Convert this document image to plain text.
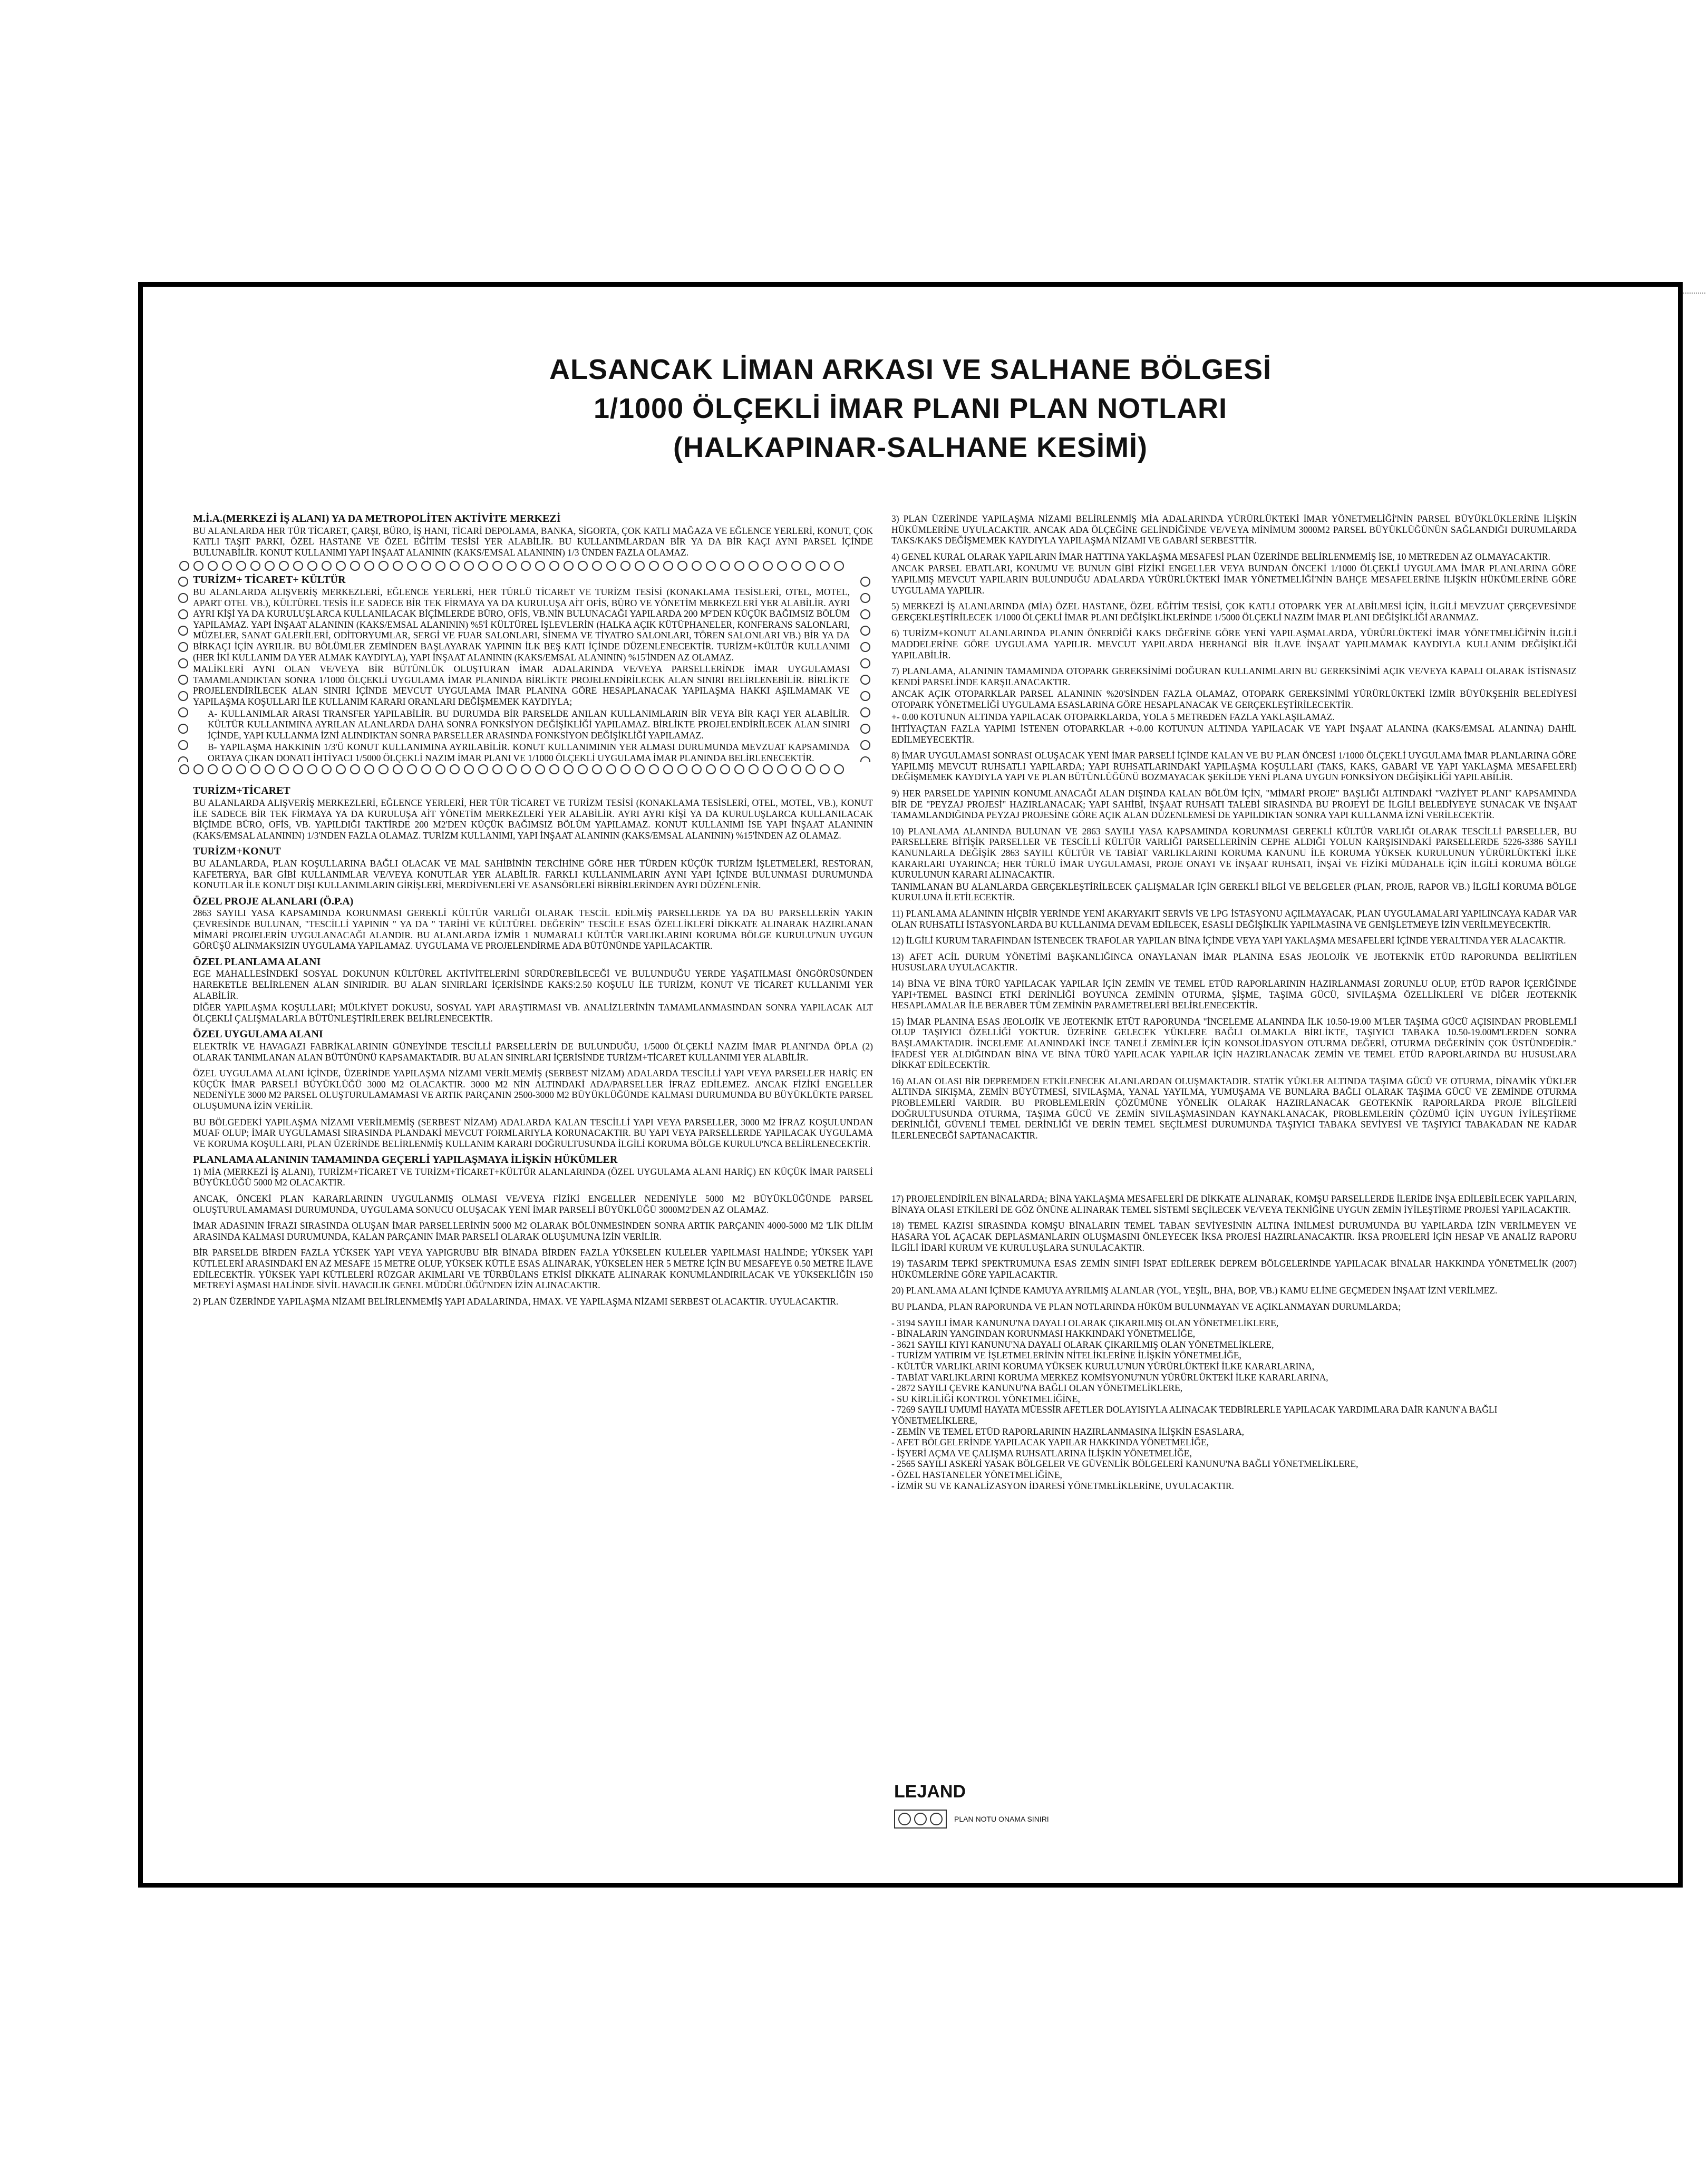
ALSANCAK LİMAN ARKASI VE SALHANE BÖLGESİ
1/1000 ÖLÇEKLİ İMAR PLANI PLAN NOTLARI
(HALKAPINAR-SALHANE KESİMİ)
M.İ.A.(MERKEZİ İŞ ALANI) YA DA METROPOLİTEN AKTİVİTE MERKEZİ
BU ALANLARDA HER TÜR TİCARET, ÇARŞI, BÜRO, İŞ HANI, TİCARİ DEPOLAMA, BANKA, SİGORTA, ÇOK KATLI MAĞAZA VE EĞLENCE YERLERİ, KONUT, ÇOK KATLI TAŞIT PARKI, ÖZEL HASTANE VE ÖZEL EĞİTİM TESİSİ YER ALABİLİR. BU KULLANIMLARDAN BİR YA DA BİR KAÇI AYNI PARSEL İÇİNDE BULUNABİLİR. KONUT KULLANIMI YAPI İNŞAAT ALANININ (KAKS/EMSAL ALANININ) 1/3 ÜNDEN FAZLA OLAMAZ.
TURİZM+ TİCARET+ KÜLTÜR
BU ALANLARDA ALIŞVERİŞ MERKEZLERİ, EĞLENCE YERLERİ, HER TÜRLÜ TİCARET VE TURİZM TESİSİ (KONAKLAMA TESİSLERİ, OTEL, MOTEL, APART OTEL VB.), KÜLTÜREL TESİS İLE SADECE BİR TEK FİRMAYA YA DA KURULUŞA AİT OFİS, BÜRO VE YÖNETİM MERKEZLERİ YER ALABİLİR. AYRI AYRI KİŞİ YA DA KURULUŞLARCA KULLANILACAK BİÇİMLERDE BÜRO, OFİS, VB.NİN BULUNACAĞI YAPILARDA 200 M²'DEN KÜÇÜK BAĞIMSIZ BÖLÜM YAPILAMAZ. YAPI İNŞAAT ALANININ (KAKS/EMSAL ALANININ) %5'İ KÜLTÜREL İŞLEVLERİN (HALKA AÇIK KÜTÜPHANELER, KONFERANS SALONLARI, MÜZELER, SANAT GALERİLERİ, ODİTORYUMLAR, SERGİ VE FUAR SALONLARI, SİNEMA VE TİYATRO SALONLARI, TÖREN SALONLARI VB.) BİR YA DA BİRKAÇI İÇİN AYRILIR. BU BÖLÜMLER ZEMİNDEN BAŞLAYARAK YAPININ İLK BEŞ KATI İÇİNDE DÜZENLENECEKTİR. TURİZM+KÜLTÜR KULLANIMI (HER İKİ KULLANIM DA YER ALMAK KAYDIYLA), YAPI İNŞAAT ALANININ (KAKS/EMSAL ALANININ) %15'İNDEN AZ OLAMAZ.
MALİKLERİ AYNI OLAN VE/VEYA BİR BÜTÜNLÜK OLUŞTURAN İMAR ADALARINDA VE/VEYA PARSELLERİNDE İMAR UYGULAMASI TAMAMLANDIKTAN SONRA 1/1000 ÖLÇEKLİ UYGULAMA İMAR PLANINDA BİRLİKTE PROJELENDİRİLECEK ALAN SINIRI BELİRLENEBİLİR. BİRLİKTE PROJELENDİRİLECEK ALAN SINIRI İÇİNDE MEVCUT UYGULAMA İMAR PLANINA GÖRE HESAPLANACAK YAPILAŞMA HAKKI AŞILMAMAK VE YAPILAŞMA KOŞULLARI İLE KULLANIM KARARI ORANLARI DEĞİŞMEMEK KAYDIYLA;
A- KULLANIMLAR ARASI TRANSFER YAPILABİLİR. BU DURUMDA BİR PARSELDE ANILAN KULLANIMLARIN BİR VEYA BİR KAÇI YER ALABİLİR. KÜLTÜR KULLANIMINA AYRILAN ALANLARDA DAHA SONRA FONKSİYON DEĞİŞİKLİĞİ YAPILAMAZ. BİRLİKTE PROJELENDİRİLECEK ALAN SINIRI İÇİNDE, YAPI KULLANMA İZNİ ALINDIKTAN SONRA PARSELLER ARASINDA FONKSİYON DEĞİŞİKLİĞİ YAPILAMAZ.
B- YAPILAŞMA HAKKININ 1/3'Ü KONUT KULLANIMINA AYRILABİLİR. KONUT KULLANIMININ YER ALMASI DURUMUNDA MEVZUAT KAPSAMINDA ORTAYA ÇIKAN DONATI İHTİYACI 1/5000 ÖLÇEKLİ NAZIM İMAR PLANI VE 1/1000 ÖLÇEKLİ UYGULAMA İMAR PLANINDA BELİRLENECEKTİR.
TURİZM+TİCARET
BU ALANLARDA ALIŞVERİŞ MERKEZLERİ, EĞLENCE YERLERİ, HER TÜR TİCARET VE TURİZM TESİSİ (KONAKLAMA TESİSLERİ, OTEL, MOTEL, VB.), KONUT İLE SADECE BİR TEK FİRMAYA YA DA KURULUŞA AİT YÖNETİM MERKEZLERİ YER ALABİLİR. AYRI AYRI KİŞİ YA DA KURULUŞLARCA KULLANILACAK BİÇİMDE BÜRO, OFİS, VB. YAPILDIĞI TAKTİRDE 200 M2'DEN KÜÇÜK BAĞIMSIZ BÖLÜM YAPILAMAZ. KONUT KULLANIMI İSE YAPI İNŞAAT ALANININ (KAKS/EMSAL ALANININ) 1/3'NDEN FAZLA OLAMAZ. TURİZM KULLANIMI, YAPI İNŞAAT ALANININ (KAKS/EMSAL ALANININ) %15'İNDEN AZ OLAMAZ.
TURİZM+KONUT
BU ALANLARDA, PLAN KOŞULLARINA BAĞLI OLACAK VE MAL SAHİBİNİN TERCİHİNE GÖRE HER TÜRDEN KÜÇÜK TURİZM İŞLETMELERİ, RESTORAN, KAFETERYA, BAR GİBİ KULLANIMLAR VE/VEYA KONUTLAR YER ALABİLİR. FARKLI KULLANIMLARIN AYNI YAPI İÇİNDE BULUNMASI DURUMUNDA KONUTLAR İLE KONUT DIŞI KULLANIMLARIN GİRİŞLERİ, MERDİVENLERİ VE ASANSÖRLERİ BİRBİRLERİNDEN AYRI DÜZENLENİR.
ÖZEL PROJE ALANLARI (Ö.P.A)
2863 SAYILI YASA KAPSAMINDA KORUNMASI GEREKLİ KÜLTÜR VARLIĞI OLARAK TESCİL EDİLMİŞ PARSELLERDE YA DA BU PARSELLERİN YAKIN ÇEVRESİNDE BULUNAN, "TESCİLLİ YAPININ " YA DA " TARİHİ VE KÜLTÜREL DEĞERİN" TESCİLE ESAS ÖZELLİKLERİ DİKKATE ALINARAK HAZIRLANAN MİMARİ PROJELERİN UYGULANACAĞI ALANDIR. BU ALANLARDA İZMİR 1 NUMARALI KÜLTÜR VARLIKLARINI KORUMA BÖLGE KURULU'NUN UYGUN GÖRÜŞÜ ALINMAKSIZIN UYGULAMA YAPILAMAZ. UYGULAMA VE PROJELENDİRME ADA BÜTÜNÜNDE YAPILACAKTIR.
ÖZEL PLANLAMA ALANI
EGE MAHALLESİNDEKİ SOSYAL DOKUNUN KÜLTÜREL AKTİVİTELERİNİ SÜRDÜREBİLECEĞİ VE BULUNDUĞU YERDE YAŞATILMASI ÖNGÖRÜSÜNDEN HAREKETLE BELİRLENEN ALAN SINIRIDIR. BU ALAN SINIRLARI İÇERİSİNDE KAKS:2.50 KOŞULU İLE TURİZM, KONUT VE TİCARET KULLANIMI YER ALABİLİR.
DİĞER YAPILAŞMA KOŞULLARI; MÜLKİYET DOKUSU, SOSYAL YAPI ARAŞTIRMASI VB. ANALİZLERİNİN TAMAMLANMASINDAN SONRA YAPILACAK ALT ÖLÇEKLİ ÇALIŞMALARLA BÜTÜNLEŞTİRİLEREK BELİRLENECEKTİR.
ÖZEL UYGULAMA ALANI
ELEKTRİK VE HAVAGAZI FABRİKALARININ GÜNEYİNDE TESCİLLİ PARSELLERİN DE BULUNDUĞU, 1/5000 ÖLÇEKLİ NAZIM İMAR PLANI'NDA ÖPLA (2) OLARAK TANIMLANAN ALAN BÜTÜNÜNÜ KAPSAMAKTADIR. BU ALAN SINIRLARI İÇERİSİNDE TURİZM+TİCARET KULLANIMI YER ALABİLİR.
ÖZEL UYGULAMA ALANI İÇİNDE, ÜZERİNDE YAPILAŞMA NİZAMI VERİLMEMİŞ (SERBEST NİZAM) ADALARDA TESCİLLİ YAPI VEYA PARSELLER HARİÇ EN KÜÇÜK İMAR PARSELİ BÜYÜKLÜĞÜ 3000 M2 OLACAKTIR. 3000 M2 NİN ALTINDAKİ ADA/PARSELLER İFRAZ EDİLEMEZ. ANCAK FİZİKİ ENGELLER NEDENİYLE 3000 M2 PARSEL OLUŞTURULAMAMASI VE ARTIK PARÇANIN 2500-3000 M2 BÜYÜKLÜĞÜNDE KALMASI DURUMUNDA BU BÜYÜKLÜKTE PARSEL OLUŞUMUNA İZİN VERİLİR.
BU BÖLGEDEKİ YAPILAŞMA NİZAMI VERİLMEMİŞ (SERBEST NİZAM) ADALARDA KALAN TESCİLLİ YAPI VEYA PARSELLER, 3000 M2 İFRAZ KOŞULUNDAN MUAF OLUP; İMAR UYGULAMASI SIRASINDA PLANDAKİ MEVCUT FORMLARIYLA KORUNACAKTIR. BU YAPI VEYA PARSELLERDE YAPILACAK UYGULAMA VE KORUMA KOŞULLARI, PLAN ÜZERİNDE BELİRLENMİŞ KULLANIM KARARI DOĞRULTUSUNDA İLGİLİ KORUMA BÖLGE KURULU'NCA BELİRLENECEKTİR.
PLANLAMA ALANININ TAMAMINDA GEÇERLİ YAPILAŞMAYA İLİŞKİN HÜKÜMLER
1) MİA (MERKEZİ İŞ ALANI), TURİZM+TİCARET VE TURİZM+TİCARET+KÜLTÜR ALANLARINDA (ÖZEL UYGULAMA ALANI HARİÇ) EN KÜÇÜK İMAR PARSELİ BÜYÜKLÜĞÜ 5000 M2 OLACAKTIR.
ANCAK, ÖNCEKİ PLAN KARARLARININ UYGULANMIŞ OLMASI VE/VEYA FİZİKİ ENGELLER NEDENİYLE 5000 M2 BÜYÜKLÜĞÜNDE PARSEL OLUŞTURULAMAMASI DURUMUNDA, UYGULAMA SONUCU OLUŞACAK YENİ İMAR PARSELİ BÜYÜKLÜĞÜ 3000M2'DEN AZ OLAMAZ.
İMAR ADASININ İFRAZI SIRASINDA OLUŞAN İMAR PARSELLERİNİN 5000 M2 OLARAK BÖLÜNMESİNDEN SONRA ARTIK PARÇANIN 4000-5000 M2 'LİK DİLİM ARASINDA KALMASI DURUMUNDA, KALAN PARÇANIN İMAR PARSELİ OLARAK OLUŞUMUNA İZİN VERİLİR.
BİR PARSELDE BİRDEN FAZLA YÜKSEK YAPI VEYA YAPIGRUBU BİR BİNADA BİRDEN FAZLA YÜKSELEN KULELER YAPILMASI HALİNDE; YÜKSEK YAPI KÜTLELERİ ARASINDAKİ EN AZ MESAFE 15 METRE OLUP, YÜKSEK KÜTLE ESAS ALINARAK, YÜKSELEN HER 5 METRE İÇİN BU MESAFEYE 0.50 METRE İLAVE EDİLECEKTİR. YÜKSEK YAPI KÜTLELERİ RÜZGAR AKIMLARI VE TÜRBÜLANS ETKİSİ DİKKATE ALINARAK KONUMLANDIRILACAK VE YÜKSEKLİĞİN 150 METREYİ AŞMASI HALİNDE SİVİL HAVACILIK GENEL MÜDÜRLÜĞÜ'NDEN İZİN ALINACAKTIR.
2) PLAN ÜZERİNDE YAPILAŞMA NİZAMI BELİRLENMEMİŞ YAPI ADALARINDA, HMAX. VE YAPILAŞMA NİZAMI SERBEST OLACAKTIR. UYULACAKTIR.
3) PLAN ÜZERİNDE YAPILAŞMA NİZAMI BELİRLENMİŞ MİA ADALARINDA YÜRÜRLÜKTEKİ İMAR YÖNETMELİĞİ'NİN PARSEL BÜYÜKLÜKLERİNE İLİŞKİN HÜKÜMLERİNE UYULACAKTIR. ANCAK ADA ÖLÇEĞİNE GELİNDİĞİNDE VE/VEYA MİNİMUM 3000M2 PARSEL BÜYÜKLÜĞÜNÜN SAĞLANDIĞI DURUMLARDA TAKS/KAKS DEĞİŞMEMEK KAYDIYLA YAPILAŞMA NİZAMI VE GABARİ SERBESTTİR.
4) GENEL KURAL OLARAK YAPILARIN İMAR HATTINA YAKLAŞMA MESAFESİ PLAN ÜZERİNDE BELİRLENMEMİŞ İSE, 10 METREDEN AZ OLMAYACAKTIR.
ANCAK PARSEL EBATLARI, KONUMU VE BUNUN GİBİ FİZİKİ ENGELLER VEYA BUNDAN ÖNCEKİ 1/1000 ÖLÇEKLİ UYGULAMA İMAR PLANLARINA GÖRE YAPILMIŞ MEVCUT YAPILARIN BULUNDUĞU ADALARDA YÜRÜRLÜKTEKİ İMAR YÖNETMELİĞİ'NİN BAHÇE MESAFELERİNE İLİŞKİN HÜKÜMLERİNE GÖRE UYGULAMA YAPILIR.
5) MERKEZİ İŞ ALANLARINDA (MİA) ÖZEL HASTANE, ÖZEL EĞİTİM TESİSİ, ÇOK KATLI OTOPARK YER ALABİLMESİ İÇİN, İLGİLİ MEVZUAT ÇERÇEVESİNDE GERÇEKLEŞTİRİLECEK 1/1000 ÖLÇEKLİ İMAR PLANI DEĞİŞİKLİKLERİNDE 1/5000 ÖLÇEKLİ NAZIM İMAR PLANI DEĞİŞİKLİĞİ ARANMAZ.
6) TURİZM+KONUT ALANLARINDA PLANIN ÖNERDİĞİ KAKS DEĞERİNE GÖRE YENİ YAPILAŞMALARDA, YÜRÜRLÜKTEKİ İMAR YÖNETMELİĞİ'NİN İLGİLİ MADDELERİNE GÖRE UYGULAMA YAPILIR. MEVCUT YAPILARDA HERHANGİ BİR İLAVE İNŞAAT YAPILMAMAK KAYDIYLA KULLANIM DEĞİŞİKLİĞİ YAPILABİLİR.
7) PLANLAMA, ALANININ TAMAMINDA OTOPARK GEREKSİNİMİ DOĞURAN KULLANIMLARIN BU GEREKSİNİMİ AÇIK VE/VEYA KAPALI OLARAK İSTİSNASIZ KENDİ PARSELİNDE KARŞILANACAKTIR.
ANCAK AÇIK OTOPARKLAR PARSEL ALANININ %20'SİNDEN FAZLA OLAMAZ, OTOPARK GEREKSİNİMİ YÜRÜRLÜKTEKİ İZMİR BÜYÜKŞEHİR BELEDİYESİ OTOPARK YÖNETMELİĞİ UYGULAMA ESASLARINA GÖRE HESAPLANACAK VE GERÇEKLEŞTİRİLECEKTİR.
+- 0.00 KOTUNUN ALTINDA YAPILACAK OTOPARKLARDA, YOLA 5 METREDEN FAZLA YAKLAŞILAMAZ.
İHTİYAÇTAN FAZLA YAPIMI İSTENEN OTOPARKLAR +-0.00 KOTUNUN ALTINDA YAPILACAK VE YAPI İNŞAAT ALANINA (KAKS/EMSAL ALANINA) DAHİL EDİLMEYECEKTİR.
8) İMAR UYGULAMASI SONRASI OLUŞACAK YENİ İMAR PARSELİ İÇİNDE KALAN VE BU PLAN ÖNCESİ 1/1000 ÖLÇEKLİ UYGULAMA İMAR PLANLARINA GÖRE YAPILMIŞ MEVCUT RUHSATLI YAPILARDA; YAPI RUHSATLARINDAKİ YAPILAŞMA KOŞULLARI (TAKS, KAKS, GABARİ VE YAPI YAKLAŞMA MESAFELERİ) DEĞİŞMEMEK KAYDIYLA YAPI VE PLAN BÜTÜNLÜĞÜNÜ BOZMAYACAK ŞEKİLDE YENİ PLANA UYGUN FONKSİYON DEĞİŞİKLİĞİ YAPILABİLİR.
9) HER PARSELDE YAPININ KONUMLANACAĞI ALAN DIŞINDA KALAN BÖLÜM İÇİN, "MİMARİ PROJE" BAŞLIĞI ALTINDAKİ "VAZİYET PLANI" KAPSAMINDA BİR DE "PEYZAJ PROJESİ" HAZIRLANACAK; YAPI SAHİBİ, İNŞAAT RUHSATI TALEBİ SIRASINDA BU PROJEYİ DE İLGİLİ BELEDİYEYE SUNACAK VE İNŞAAT TAMAMLANDIĞINDA PEYZAJ PROJESİNE GÖRE AÇIK ALAN DÜZENLEMESİ DE YAPILDIKTAN SONRA YAPI KULLANMA İZNİ VERİLECEKTİR.
10) PLANLAMA ALANINDA BULUNAN VE 2863 SAYILI YASA KAPSAMINDA KORUNMASI GEREKLİ KÜLTÜR VARLIĞI OLARAK TESCİLLİ PARSELLER, BU PARSELLERE BİTİŞİK PARSELLER VE TESCİLLİ KÜLTÜR VARLIĞI PARSELLERİNİN CEPHE ALDIĞI YOLUN KARŞISINDAKİ PARSELLERDE 5226-3386 SAYILI KANUNLARLA DEĞİŞİK 2863 SAYILI KÜLTÜR VE TABİAT VARLIKLARINI KORUMA KANUNU İLE KORUMA YÜKSEK KURULUNUN YÜRÜRLÜKTEKİ İLKE KARARLARI UYARINCA; HER TÜRLÜ İMAR UYGULAMASI, PROJE ONAYI VE İNŞAAT RUHSATI, İNŞAİ VE FİZİKİ MÜDAHALE İÇİN İLGİLİ KORUMA BÖLGE KURULUNUN KARARI ALINACAKTIR.
TANIMLANAN BU ALANLARDA GERÇEKLEŞTİRİLECEK ÇALIŞMALAR İÇİN GEREKLİ BİLGİ VE BELGELER (PLAN, PROJE, RAPOR VB.) İLGİLİ KORUMA BÖLGE KURULUNA İLETİLECEKTİR.
11) PLANLAMA ALANININ HİÇBİR YERİNDE YENİ AKARYAKIT SERVİS VE LPG İSTASYONU AÇILMAYACAK, PLAN UYGULAMALARI YAPILINCAYA KADAR VAR OLAN RUHSATLI İSTASYONLARDA BU KULLANIMA DEVAM EDİLECEK, ESASLI DEĞİŞİKLİK YAPILMASINA VE GENİŞLETMEYE İZİN VERİLMEYECEKTİR.
12) İLGİLİ KURUM TARAFINDAN İSTENECEK TRAFOLAR YAPILAN BİNA İÇİNDE VEYA YAPI YAKLAŞMA MESAFELERİ İÇİNDE YERALTINDA YER ALACAKTIR.
13) AFET ACİL DURUM YÖNETİMİ BAŞKANLIĞINCA ONAYLANAN İMAR PLANINA ESAS JEOLOJİK VE JEOTEKNİK ETÜD RAPORUNDA BELİRTİLEN HUSUSLARA UYULACAKTIR.
14) BİNA VE BİNA TÜRÜ YAPILACAK YAPILAR İÇİN ZEMİN VE TEMEL ETÜD RAPORLARININ HAZIRLANMASI ZORUNLU OLUP, ETÜD RAPOR İÇERİĞİNDE YAPI+TEMEL BASINCI ETKİ DERİNLİĞİ BOYUNCA ZEMİNİN OTURMA, ŞİŞME, TAŞIMA GÜCÜ, SIVILAŞMA ÖZELLİKLERİ VE DİĞER JEOTEKNİK HESAPLAMALAR İLE BERABER TÜM ZEMİNİN PARAMETRELERİ BELİRLENECEKTİR.
15) İMAR PLANINA ESAS JEOLOJİK VE JEOTEKNİK ETÜT RAPORUNDA "İNCELEME ALANINDA İLK 10.50-19.00 M'LER TAŞIMA GÜCÜ AÇISINDAN PROBLEMLİ OLUP TAŞIYICI ÖZELLİĞİ YOKTUR. ÜZERİNE GELECEK YÜKLERE BAĞLI OLMAKLA BİRLİKTE, TAŞIYICI TABAKA 10.50-19.00M'LERDEN SONRA BAŞLAMAKTADIR. İNCELEME ALANINDAKİ İNCE TANELİ ZEMİNLER İÇİN KONSOLİDASYON OTURMA DEĞERİ, OTURMA DEĞERİNİN ÇOK ÜSTÜNDEDİR." İFADESİ YER ALDIĞINDAN BİNA VE BİNA TÜRÜ YAPILACAK YAPILAR İÇİN HAZIRLANACAK ZEMİN VE TEMEL ETÜD RAPORLARINDA BU HUSUSLARA DİKKAT EDİLECEKTİR.
16) ALAN OLASI BİR DEPREMDEN ETKİLENECEK ALANLARDAN OLUŞMAKTADIR. STATİK YÜKLER ALTINDA TAŞIMA GÜCÜ VE OTURMA, DİNAMİK YÜKLER ALTINDA SIKIŞMA, ZEMİN BÜYÜTMESİ, SIVILAŞMA, YANAL YAYILMA, YUMUŞAMA VE BUNLARA BAĞLI OLARAK TAŞIMA GÜCÜ VE ZEMİNDE OTURMA PROBLEMLERİ VARDIR. BU PROBLEMLERİN ÇÖZÜMÜNE YÖNELİK OLARAK HAZIRLANACAK GEOTEKNİK RAPORLARDA PROJE BİLGİLERİ DOĞRULTUSUNDA OTURMA, TAŞIMA GÜCÜ VE ZEMİN SIVILAŞMASINDAN KAYNAKLANACAK, PROBLEMLERİN ÇÖZÜMÜ İÇİN UYGUN İYİLEŞTİRME DERİNLİĞİ, GÜVENLİ TEMEL DERİNLİĞİ VE DERİN TEMEL SEÇİLMESİ DURUMUNDA TAŞIYICI TABAKA SEVİYESİ VE TAŞIYICI TABAKADAN NE KADAR İLERLENECEĞİ SAPTANACAKTIR.
17) PROJELENDİRİLEN BİNALARDA; BİNA YAKLAŞMA MESAFELERİ DE DİKKATE ALINARAK, KOMŞU PARSELLERDE İLERİDE İNŞA EDİLEBİLECEK YAPILARIN, BİNAYA OLASI ETKİLERİ DE GÖZ ÖNÜNE ALINARAK TEMEL SİSTEMİ SEÇİLECEK VE/VEYA TEKNİĞİNE UYGUN ZEMİN İYİLEŞTİRME PROJESİ YAPILACAKTIR.
18) TEMEL KAZISI SIRASINDA KOMŞU BİNALARIN TEMEL TABAN SEVİYESİNİN ALTINA İNİLMESİ DURUMUNDA BU YAPILARDA İZİN VERİLMEYEN VE HASARA YOL AÇACAK DEPLASMANLARIN OLUŞMASINI ÖNLEYECEK İKSA PROJESİ HAZIRLANACAKTIR. İKSA PROJELERİ İÇİN HESAP VE ANALİZ RAPORU İLGİLİ İDARİ KURUM VE KURULUŞLARA SUNULACAKTIR.
19) TASARIM TEPKİ SPEKTRUMUNA ESAS ZEMİN SINIFI İSPAT EDİLEREK DEPREM BÖLGELERİNDE YAPILACAK BİNALAR HAKKINDA YÖNETMELİK (2007) HÜKÜMLERİNE GÖRE YAPILACAKTIR.
20) PLANLAMA ALANI İÇİNDE KAMUYA AYRILMIŞ ALANLAR (YOL, YEŞİL, BHA, BOP, VB.) KAMU ELİNE GEÇMEDEN İNŞAAT İZNİ VERİLMEZ.
BU PLANDA, PLAN RAPORUNDA VE PLAN NOTLARINDA HÜKÜM BULUNMAYAN VE AÇIKLANMAYAN DURUMLARDA;
- 3194 SAYILI İMAR KANUNU'NA DAYALI OLARAK ÇIKARILMIŞ OLAN YÖNETMELİKLERE,
- BİNALARIN YANGINDAN KORUNMASI HAKKINDAKİ YÖNETMELİĞE,
- 3621 SAYILI KIYI KANUNU'NA DAYALI OLARAK ÇIKARILMIŞ OLAN YÖNETMELİKLERE,
- TURİZM YATIRIM VE İŞLETMELERİNİN NİTELİKLERİNE İLİŞKİN YÖNETMELİĞE,
- KÜLTÜR VARLIKLARINI KORUMA YÜKSEK KURULU'NUN YÜRÜRLÜKTEKİ İLKE KARARLARINA,
- TABİAT VARLIKLARINI KORUMA MERKEZ KOMİSYONU'NUN YÜRÜRLÜKTEKİ İLKE KARARLARINA,
- 2872 SAYILI ÇEVRE KANUNU'NA BAĞLI OLAN YÖNETMELİKLERE,
- SU KİRLİLİĞİ KONTROL YÖNETMELİĞİNE,
- 7269 SAYILI UMUMİ HAYATA MÜESSİR AFETLER DOLAYISIYLA ALINACAK TEDBİRLERLE YAPILACAK YARDIMLARA DAİR KANUN'A BAĞLI YÖNETMELİKLERE,
- ZEMİN VE TEMEL ETÜD RAPORLARININ HAZIRLANMASINA İLİŞKİN ESASLARA,
- AFET BÖLGELERİNDE YAPILACAK YAPILAR HAKKINDA YÖNETMELİĞE,
- İŞYERİ AÇMA VE ÇALIŞMA RUHSATLARINA İLİŞKİN YÖNETMELİĞE,
- 2565 SAYILI ASKERİ YASAK BÖLGELER VE GÜVENLİK BÖLGELERİ KANUNU'NA BAĞLI YÖNETMELİKLERE,
- ÖZEL HASTANELER YÖNETMELİĞİNE,
- İZMİR SU VE KANALİZASYON İDARESİ YÖNETMELİKLERİNE, UYULACAKTIR.
LEJAND
PLAN NOTU ONAMA SINIRI
